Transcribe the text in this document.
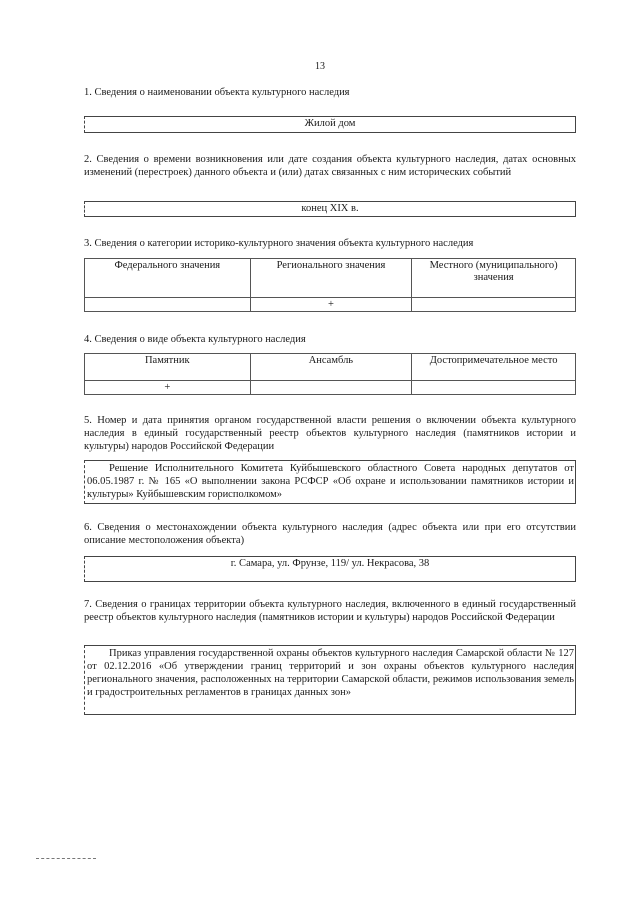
13
1. Сведения о наименовании объекта культурного наследия
Жилой дом
2. Сведения о времени возникновения или дате создания объекта культурного наследия, датах основных изменений (перестроек) данного объекта и (или) датах связанных с ним исторических событий
конец XIX в.
3. Сведения о категории историко-культурного значения объекта культурного наследия
Федерального значения	Регионального значения	Местного (муниципального) значения
	+	
4. Сведения о виде объекта культурного наследия
Памятник	Ансамбль	Достопримечательное место
+		
5. Номер и дата принятия органом государственной власти решения о включении объекта культурного наследия в единый государственный реестр объектов культурного наследия (памятников истории и культуры) народов Российской Федерации
Решение Исполнительного Комитета Куйбышевского областного Совета народных депутатов от 06.05.1987 г. № 165 «О выполнении закона РСФСР «Об охране и использовании памятников истории и культуры» Куйбышевским горисполкомом»
6. Сведения о местонахождении объекта культурного наследия (адрес объекта или при его отсутствии описание местоположения объекта)
г. Самара, ул. Фрунзе, 119/ ул. Некрасова, 38
7. Сведения о границах территории объекта культурного наследия, включенного в единый государственный реестр объектов культурного наследия (памятников истории и культуры) народов Российской Федерации
Приказ управления государственной охраны объектов культурного наследия Самарской области № 127 от 02.12.2016 «Об утверждении границ территорий и зон охраны объектов культурного наследия регионального значения, расположенных на территории Самарской области, режимов использования земель и градостроительных регламентов в границах данных зон»
